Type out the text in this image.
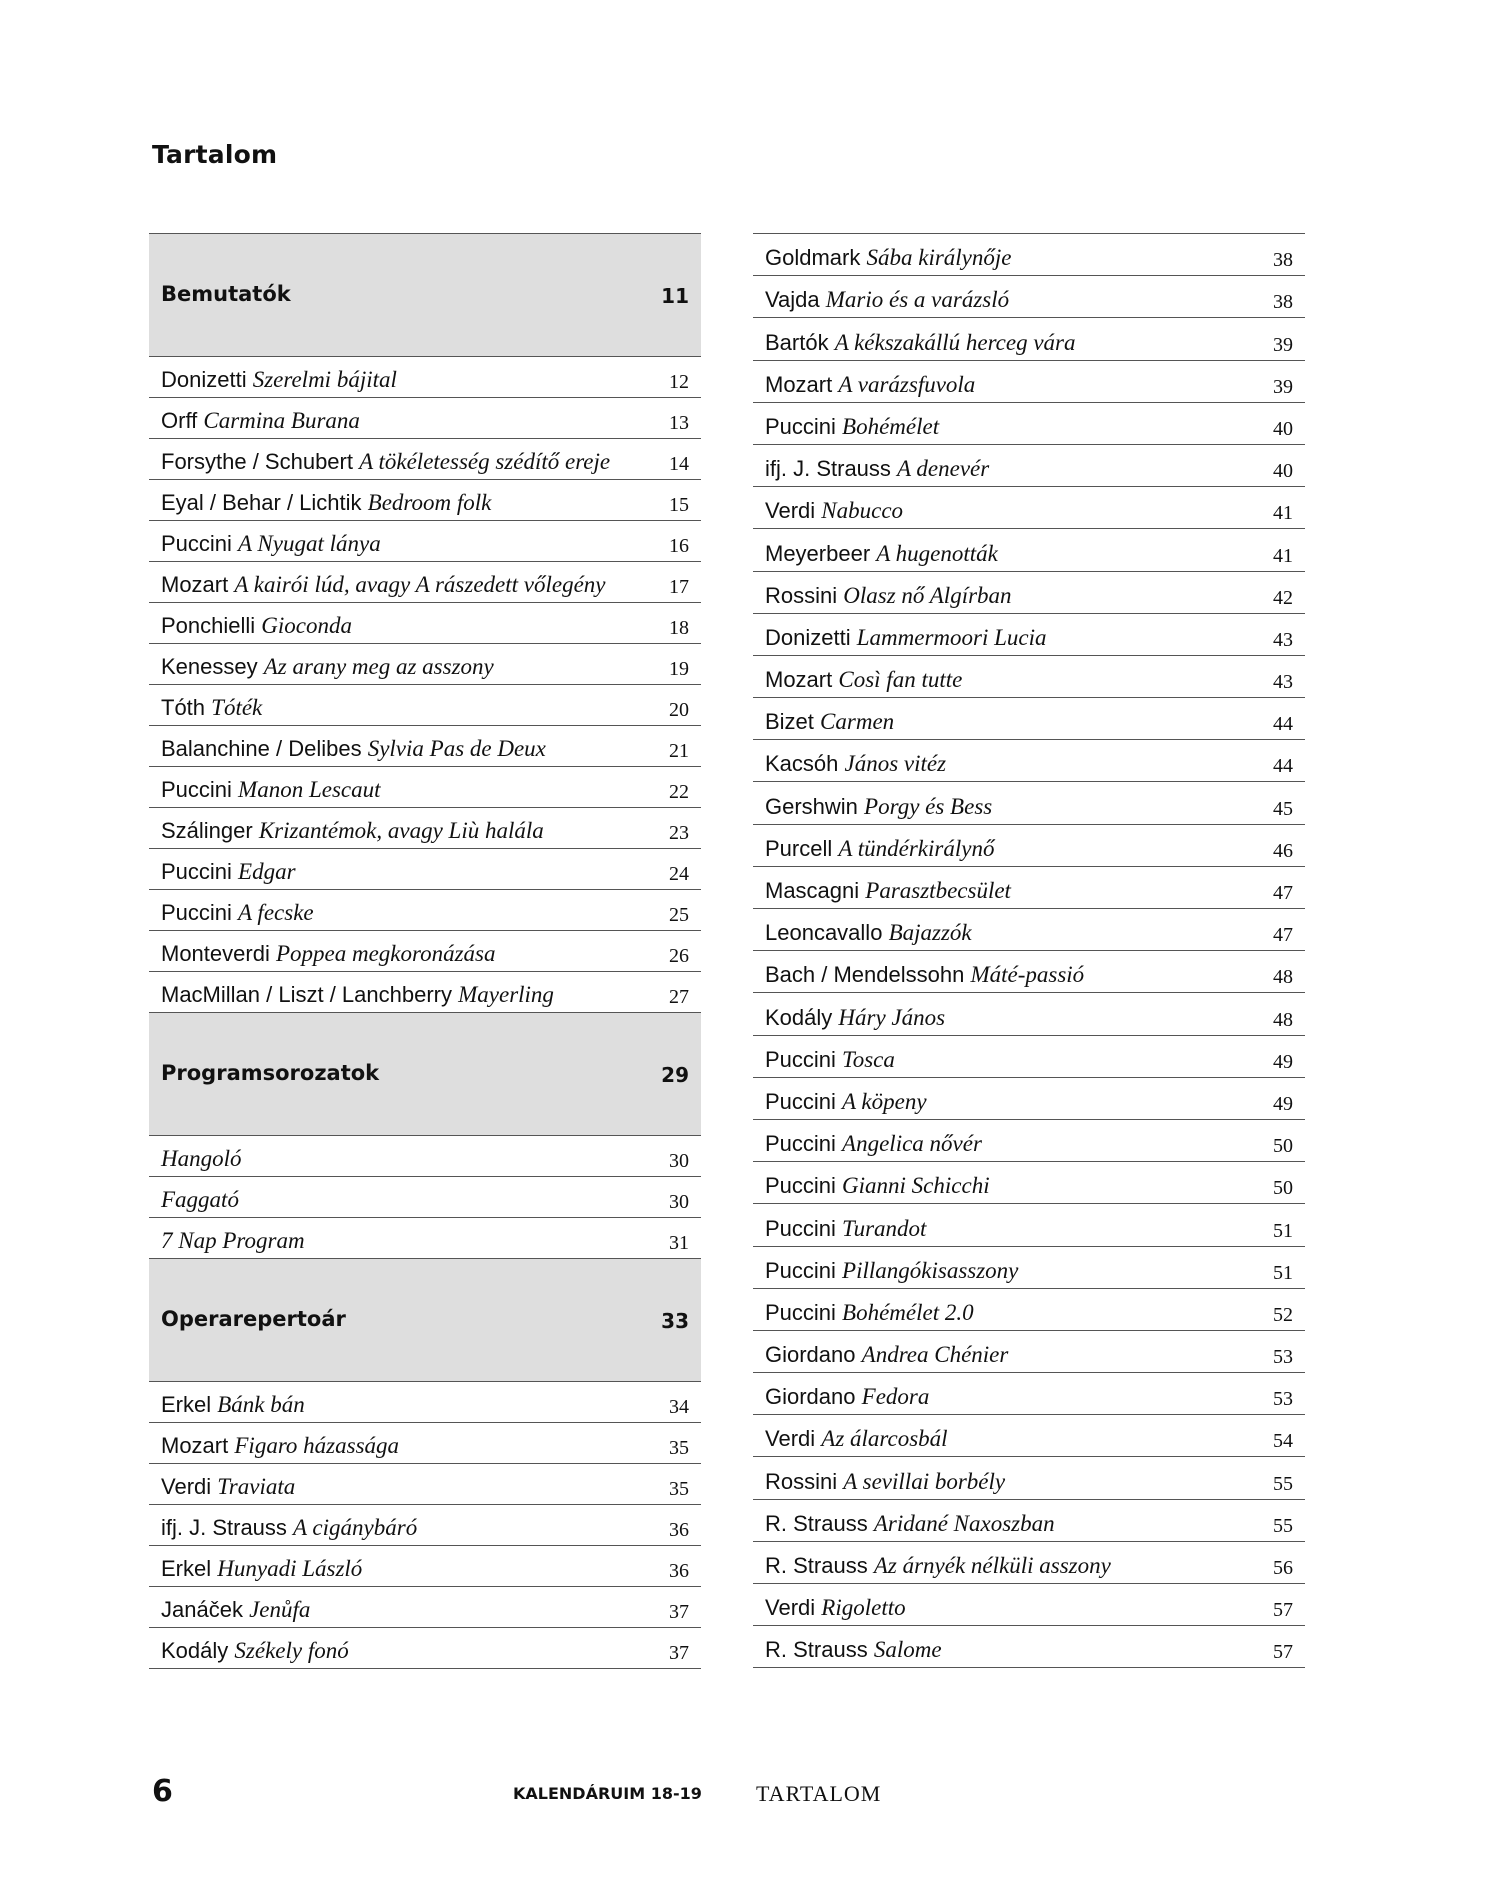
Tartalom
Bemutatók	11
Donizetti Szerelmi bájital	12
Orff Carmina Burana	13
Forsythe / Schubert A tökéletesség szédítő ereje	14
Eyal / Behar / Lichtik Bedroom folk	15
Puccini A Nyugat lánya	16
Mozart A kairói lúd, avagy A rászedett vőlegény	17
Ponchielli Gioconda	18
Kenessey Az arany meg az asszony	19
Tóth Tóték	20
Balanchine / Delibes Sylvia Pas de Deux	21
Puccini Manon Lescaut	22
Szálinger Krizantémok, avagy Liù halála	23
Puccini Edgar	24
Puccini A fecske	25
Monteverdi Poppea megkoronázása	26
MacMillan / Liszt / Lanchberry Mayerling	27
Programsorozatok	29
Hangoló	30
Faggató	30
7 Nap Program	31
Operarepertoár	33
Erkel Bánk bán	34
Mozart Figaro házassága	35
Verdi Traviata	35
ifj. J. Strauss A cigánybáró	36
Erkel Hunyadi László	36
Janáček Jenůfa	37
Kodály Székely fonó	37
Goldmark Sába királynője	38
Vajda Mario és a varázsló	38
Bartók A kékszakállú herceg vára	39
Mozart A varázsfuvola	39
Puccini Bohémélet	40
ifj. J. Strauss A denevér	40
Verdi Nabucco	41
Meyerbeer A hugenották	41
Rossini Olasz nő Algírban	42
Donizetti Lammermoori Lucia	43
Mozart Così fan tutte	43
Bizet Carmen	44
Kacsóh János vitéz	44
Gershwin Porgy és Bess	45
Purcell A tündérkirálynő	46
Mascagni Parasztbecsület	47
Leoncavallo Bajazzók	47
Bach / Mendelssohn Máté-passió	48
Kodály Háry János	48
Puccini Tosca	49
Puccini A köpeny	49
Puccini Angelica nővér	50
Puccini Gianni Schicchi	50
Puccini Turandot	51
Puccini Pillangókisasszony	51
Puccini Bohémélet 2.0	52
Giordano Andrea Chénier	53
Giordano Fedora	53
Verdi Az álarcosbál	54
Rossini A sevillai borbély	55
R. Strauss Aridané Naxoszban	55
R. Strauss Az árnyék nélküli asszony	56
Verdi Rigoletto	57
R. Strauss Salome	57
6	KALENDÁRUIM 18-19 TARTALOM
